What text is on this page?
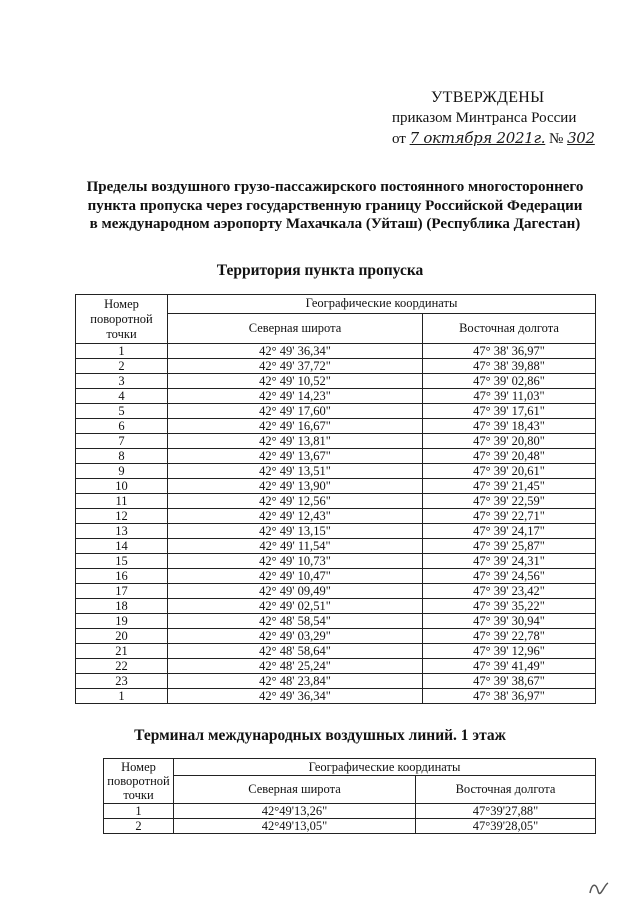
УТВЕРЖДЕНЫ
приказом Минтранса России
от 7 октября 2021г. № 302
Пределы воздушного грузо-пассажирского постоянного многостороннего
пункта пропуска через государственную границу Российской Федерации
в международном аэропорту Махачкала (Уйташ) (Республика Дагестан)
Территория пункта пропуска
Номер поворотной точки	Географические координаты	
	Северная широта	Восточная долгота
1	42° 49' 36,34"	47° 38' 36,97"
2	42° 49' 37,72"	47° 38' 39,88"
3	42° 49' 10,52"	47° 39' 02,86"
4	42° 49' 14,23"	47° 39' 11,03"
5	42° 49' 17,60"	47° 39' 17,61"
6	42° 49' 16,67"	47° 39' 18,43"
7	42° 49' 13,81"	47° 39' 20,80"
8	42° 49' 13,67"	47° 39' 20,48"
9	42° 49' 13,51"	47° 39' 20,61"
10	42° 49' 13,90"	47° 39' 21,45"
11	42° 49' 12,56"	47° 39' 22,59"
12	42° 49' 12,43"	47° 39' 22,71"
13	42° 49' 13,15"	47° 39' 24,17"
14	42° 49' 11,54"	47° 39' 25,87"
15	42° 49' 10,73"	47° 39' 24,31"
16	42° 49' 10,47"	47° 39' 24,56"
17	42° 49' 09,49"	47° 39' 23,42"
18	42° 49' 02,51"	47° 39' 35,22"
19	42° 48' 58,54"	47° 39' 30,94"
20	42° 49' 03,29"	47° 39' 22,78"
21	42° 48' 58,64"	47° 39' 12,96"
22	42° 48' 25,24"	47° 39' 41,49"
23	42° 48' 23,84"	47° 39' 38,67"
1	42° 49' 36,34"	47° 38' 36,97"
Терминал международных воздушных линий. 1 этаж
Номер поворотной точки	Географические координаты	
	Северная широта	Восточная долгота
1	42°49'13,26"	47°39'27,88"
2	42°49'13,05"	47°39'28,05"
